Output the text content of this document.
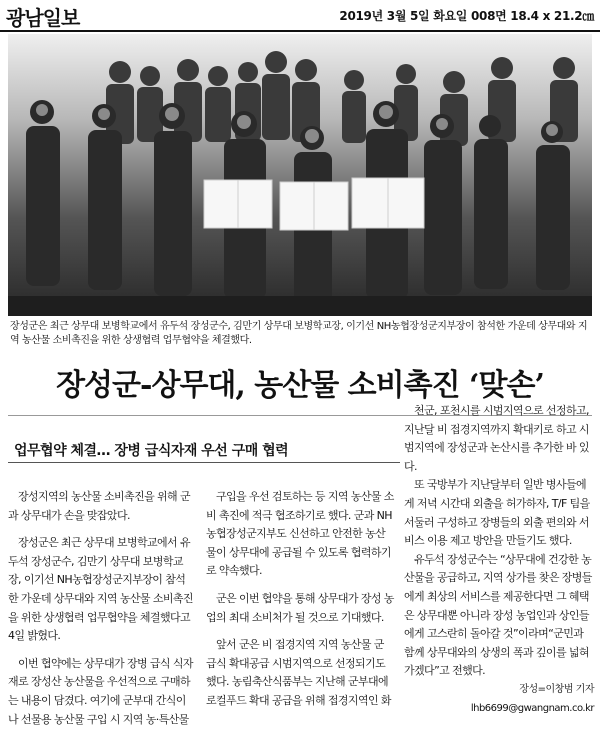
광남일보	2019년 3월 5일 화요일 008면 18.4 x 21.2㎝
장성군은 최근 상무대 보병학교에서 유두석 장성군수, 김만기 상무대 보병학교장, 이기선 NH농협장성군지부장이 참석한 가운데 상무대와 지역 농산물 소비촉진을 위한 상생협력 업무협약을 체결했다.
장성군-상무대, 농산물 소비촉진 ‘맞손’
업무협약 체결… 장병 급식자재 우선 구매 협력

장성지역의 농산물 소비촉진을 위해 군과 상무대가 손을 맞잡았다.

장성군은 최근 상무대 보병학교에서 유두석 장성군수, 김만기 상무대 보병학교장, 이기선 NH농협장성군지부장이 참석한 가운데 상무대와 지역 농산물 소비촉진을 위한 상생협력 업무협약을 체결했다고 4일 밝혔다.

이번 협약에는 상무대가 장병 급식 식자재로 장성산 농산물을 우선적으로 구매하는 내용이 담겼다. 여기에 군부대 간식이나 선물용 농산물 구입 시 지역 농·특산물

구입을 우선 검토하는 등 지역 농산물 소비 촉진에 적극 협조하기로 했다. 군과 NH농협장성군지부도 신선하고 안전한 농산물이 상무대에 공급될 수 있도록 협력하기로 약속했다.

군은 이번 협약을 통해 상무대가 장성 농업의 최대 소비처가 될 것으로 기대했다.

앞서 군은 비 접경지역 지역 농산물 군 급식 확대공급 시범지역으로 선정되기도 했다. 농림축산식품부는 지난해 군부대에 로컬푸드 확대 공급을 위해 접경지역인 화

천군, 포천시를 시범지역으로 선정하고, 지난달 비 접경지역까지 확대키로 하고 시범지역에 장성군과 논산시를 추가한 바 있다.

또 국방부가 지난달부터 일반 병사들에게 저녁 시간대 외출을 허가하자, T/F 팀을 서둘러 구성하고 장병들의 외출 편의와 서비스 이용 제고 방안을 만들기도 했다.

유두석 장성군수는 “상무대에 건강한 농산물을 공급하고, 지역 상가를 찾은 장병들에게 최상의 서비스를 제공한다면 그 혜택은 상무대뿐 아니라 장성 농업인과 상인들에게 고스란히 돌아갈 것”이라며“군민과 함께 상무대와의 상생의 폭과 깊이를 넓혀가겠다”고 전했다.

장성=이창범 기자 lhb6699@gwangnam.co.kr
